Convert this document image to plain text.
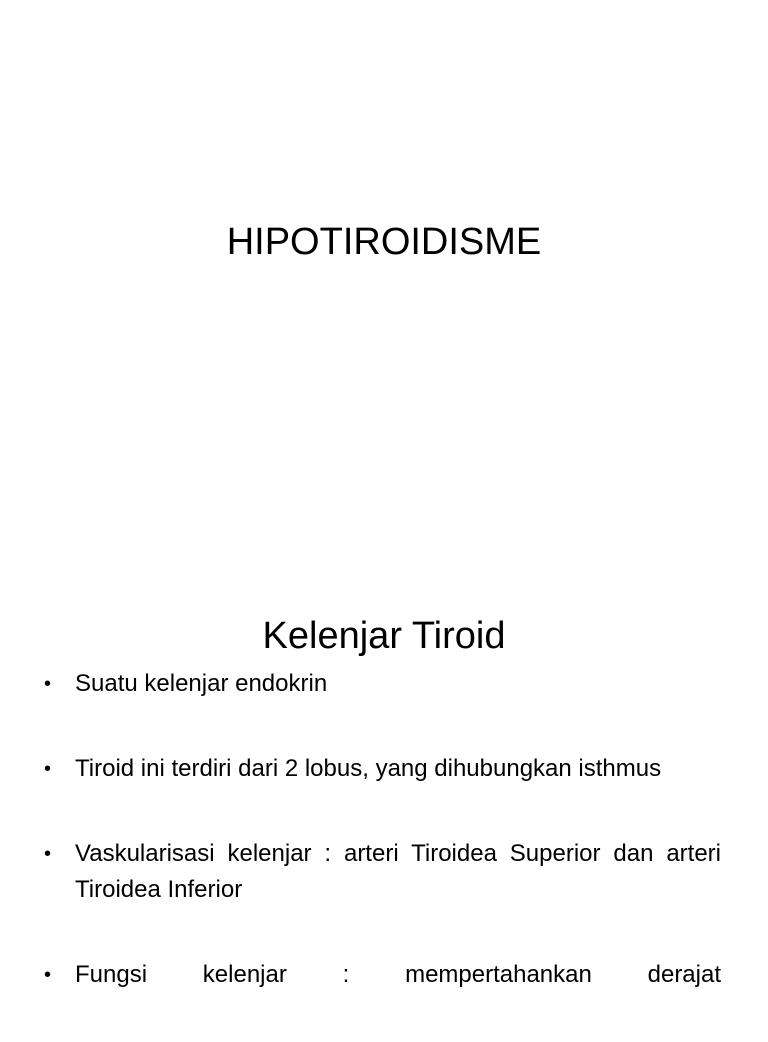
HIPOTIROIDISME
Kelenjar Tiroid
• Suatu kelenjar endokrin
• Tiroid ini terdiri dari 2 lobus, yang dihubungkan isthmus
• Vaskularisasi kelenjar : arteri Tiroidea Superior dan arteri Tiroidea Inferior
• Fungsi kelenjar : mempertahankan derajat
